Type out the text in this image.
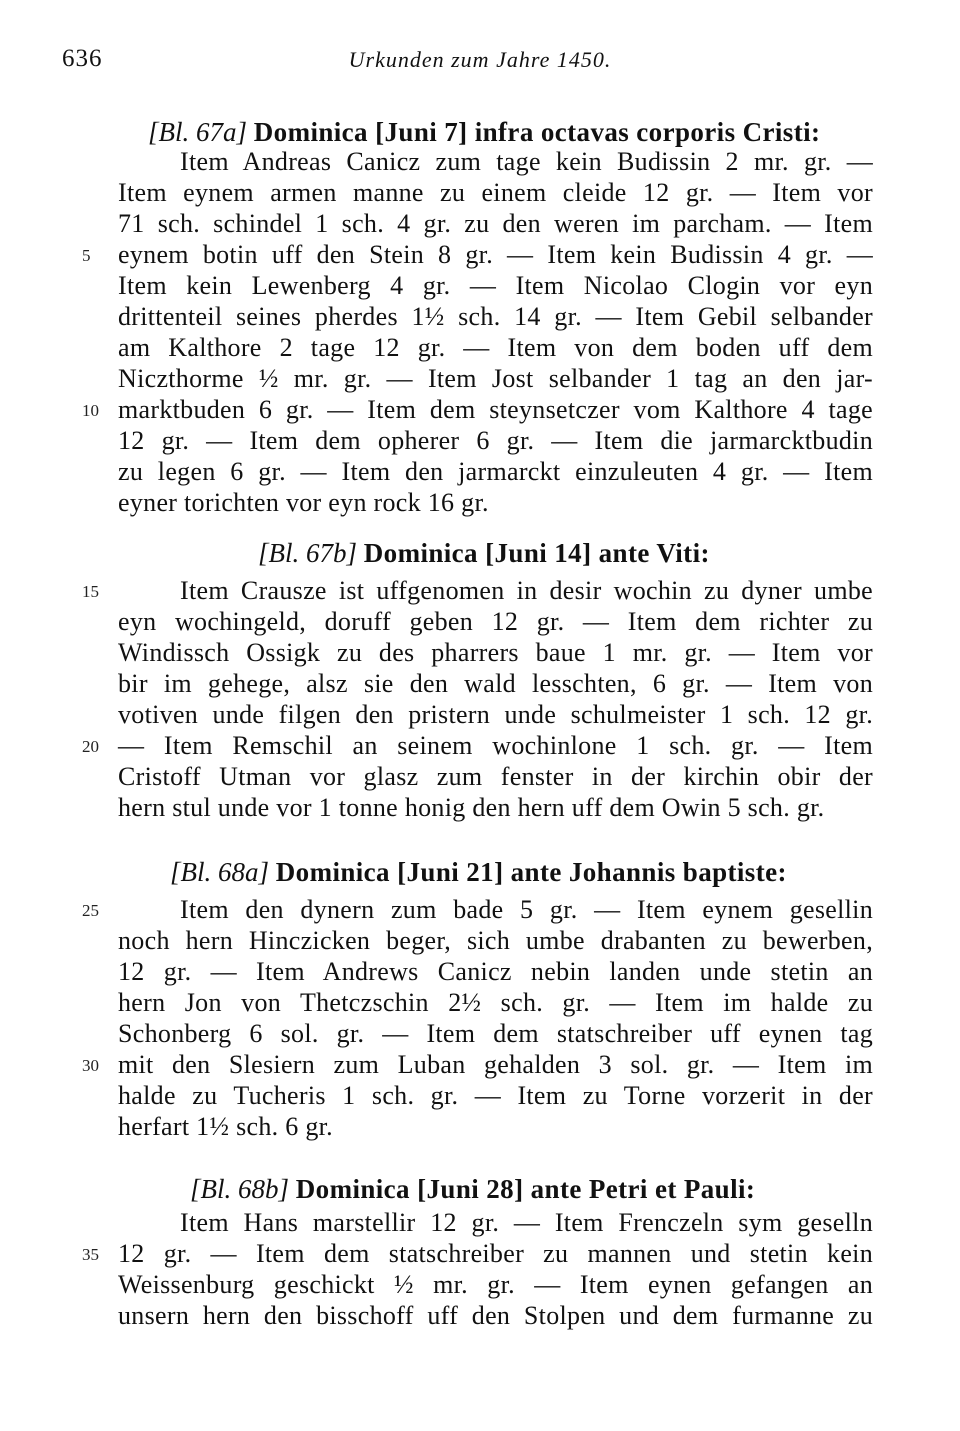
636	Urkunden zum Jahre 1450.
[Bl. 67a] Dominica [Juni 7] infra octavas corporis Cristi:
Item Andreas Canicz zum tage kein Budissin 2 mr. gr. —
Item eynem armen manne zu einem cleide 12 gr. — Item vor
71 sch. schindel 1 sch. 4 gr. zu den weren im parcham. — Item
eynem botin uff den Stein 8 gr. — Item kein Budissin 4 gr. —
Item kein Lewenberg 4 gr. — Item Nicolao Clogin vor eyn
drittenteil seines pherdes 1½ sch. 14 gr. — Item Gebil selbander
am Kalthore 2 tage 12 gr. — Item von dem boden uff dem
Niczthorme ½ mr. gr. — Item Jost selbander 1 tag an den jar-
marktbuden 6 gr. — Item dem steynsetczer vom Kalthore 4 tage
12 gr. — Item dem opherer 6 gr. — Item die jarmarcktbudin
zu legen 6 gr. — Item den jarmarckt einzuleuten 4 gr. — Item
eyner torichten vor eyn rock 16 gr.
[Bl. 67b] Dominica [Juni 14] ante Viti:
Item Crausze ist uffgenomen in desir wochin zu dyner umbe
eyn wochingeld, doruff geben 12 gr. — Item dem richter zu
Windissch Ossigk zu des pharrers baue 1 mr. gr. — Item vor
bir im gehege, alsz sie den wald lesschten, 6 gr. — Item von
votiven unde filgen den pristern unde schulmeister 1 sch. 12 gr.
— Item Remschil an seinem wochinlone 1 sch. gr. — Item
Cristoff Utman vor glasz zum fenster in der kirchin obir der
hern stul unde vor 1 tonne honig den hern uff dem Owin 5 sch. gr.
[Bl. 68a] Dominica [Juni 21] ante Johannis baptiste:
Item den dynern zum bade 5 gr. — Item eynem gesellin
noch hern Hinczicken beger, sich umbe drabanten zu bewerben,
12 gr. — Item Andrews Canicz nebin landen unde stetin an
hern Jon von Thetczschin 2½ sch. gr. — Item im halde zu
Schonberg 6 sol. gr. — Item dem statschreiber uff eynen tag
mit den Slesiern zum Luban gehalden 3 sol. gr. — Item im
halde zu Tucheris 1 sch. gr. — Item zu Torne vorzerit in der
herfart 1½ sch. 6 gr.
[Bl. 68b] Dominica [Juni 28] ante Petri et Pauli:
Item Hans marstellir 12 gr. — Item Frenczeln sym geselln
12 gr. — Item dem statschreiber zu mannen und stetin kein
Weissenburg geschickt ½ mr. gr. — Item eynen gefangen an
unsern hern den bisschoff uff den Stolpen und dem furmanne zu
5
10
15
20
25
30
35
